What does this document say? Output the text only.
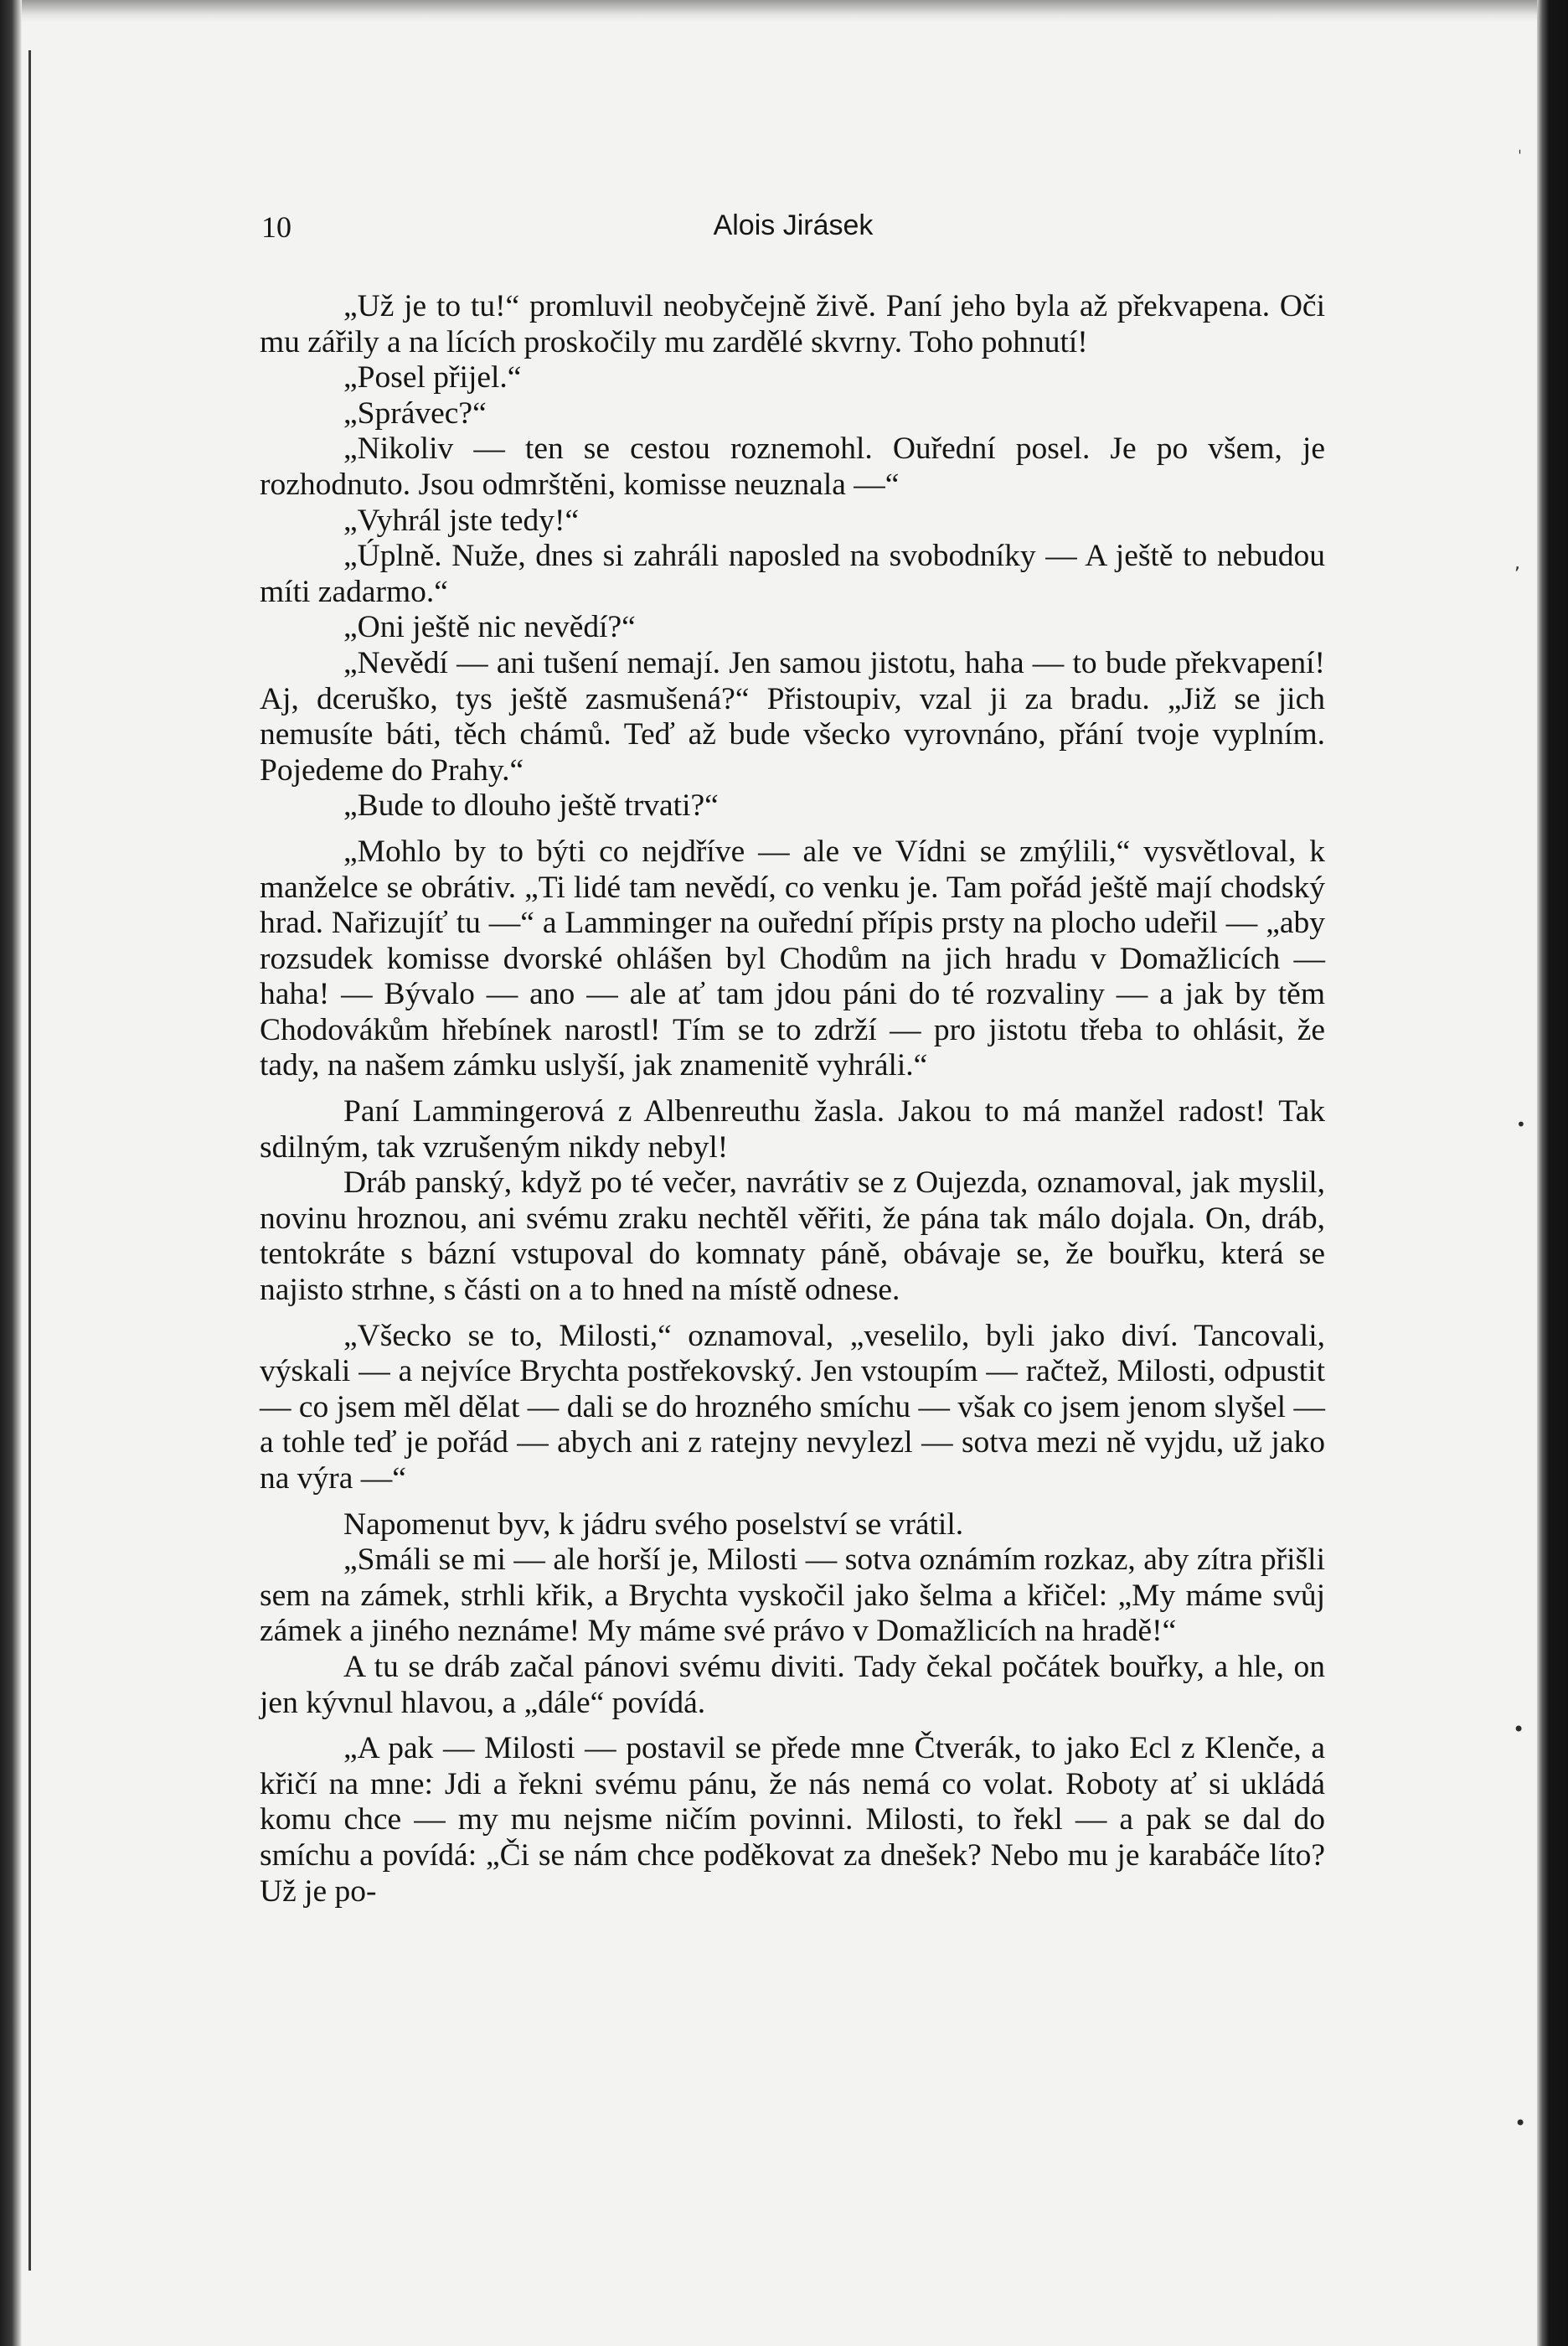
10	Alois Jirásek

„Už je to tu!“ promluvil neobyčejně živě. Paní jeho byla až překvapena. Oči mu zářily a na lících proskočily mu zardělé skvrny. Toho pohnutí!

„Posel přijel.“

„Správec?“

„Nikoliv — ten se cestou roznemohl. Ouřední posel. Je po všem, je rozhodnuto. Jsou odmrštěni, komisse neuznala —“

„Vyhrál jste tedy!“

„Úplně. Nuže, dnes si zahráli naposled na svobodníky — A ještě to nebudou míti zadarmo.“

„Oni ještě nic nevědí?“

„Nevědí — ani tušení nemají. Jen samou jistotu, haha — to bude překvapení! Aj, dceruško, tys ještě zasmušená?“ Přistoupiv, vzal ji za bradu. „Již se jich nemusíte báti, těch chámů. Teď až bude všecko vyrovnáno, přání tvoje vyplním. Pojedeme do Prahy.“

„Bude to dlouho ještě trvati?“

„Mohlo by to býti co nejdříve — ale ve Vídni se zmýlili,“ vysvětloval, k manželce se obrátiv. „Ti lidé tam nevědí, co venku je. Tam pořád ještě mají chodský hrad. Nařizujíť tu —“ a Lamminger na ouřední přípis prsty na plocho udeřil — „aby rozsudek komisse dvorské ohlášen byl Chodům na jich hradu v Domažlicích — haha! — Bývalo — ano — ale ať tam jdou páni do té rozvaliny — a jak by těm Chodovákům hřebínek narostl! Tím se to zdrží — pro jistotu třeba to ohlásit, že tady, na našem zámku uslyší, jak znamenitě vyhráli.“

Paní Lammingerová z Albenreuthu žasla. Jakou to má manžel radost! Tak sdilným, tak vzrušeným nikdy nebyl!

Dráb panský, když po té večer, navrátiv se z Oujezda, oznamoval, jak myslil, novinu hroznou, ani svému zraku nechtěl věřiti, že pána tak málo dojala. On, dráb, tentokráte s bázní vstupoval do komnaty páně, obávaje se, že bouřku, která se najisto strhne, s části on a to hned na místě odnese.

„Všecko se to, Milosti,“ oznamoval, „veselilo, byli jako diví. Tancovali, výskali — a nejvíce Brychta postřekovský. Jen vstoupím — račtež, Milosti, odpustit — co jsem měl dělat — dali se do hrozného smíchu — však co jsem jenom slyšel — a tohle teď je pořád — abych ani z ratejny nevylezl — sotva mezi ně vyjdu, už jako na výra —“

Napomenut byv, k jádru svého poselství se vrátil.

„Smáli se mi — ale horší je, Milosti — sotva oznámím rozkaz, aby zítra přišli sem na zámek, strhli křik, a Brychta vyskočil jako šelma a křičel: „My máme svůj zámek a jiného neznáme! My máme své právo v Domažlicích na hradě!“

A tu se dráb začal pánovi svému diviti. Tady čekal počátek bouřky, a hle, on jen kývnul hlavou, a „dále“ povídá.

„A pak — Milosti — postavil se přede mne Čtverák, to jako Ecl z Klenče, a křičí na mne: Jdi a řekni svému pánu, že nás nemá co volat. Roboty ať si ukládá komu chce — my mu nejsme ničím povinni. Milosti, to řekl — a pak se dal do smíchu a povídá: „Či se nám chce poděkovat za dnešek? Nebo mu je karabáče líto? Už je po-

ˌ
,
•
•
•
